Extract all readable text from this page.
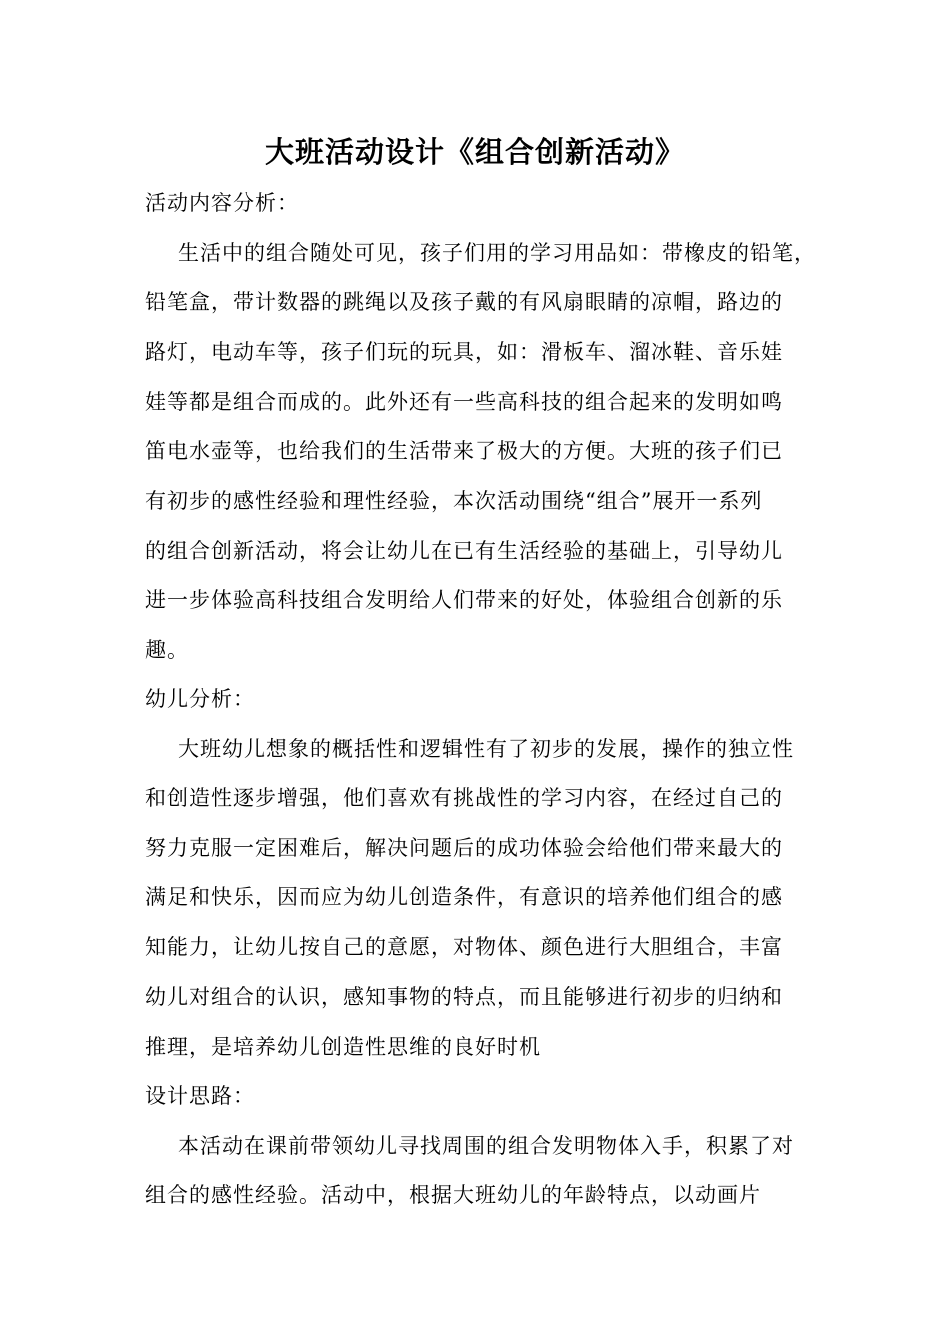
大班活动设计《组合创新活动》
活动内容分析：
生活中的组合随处可见，孩子们用的学习用品如：带橡皮的铅笔，
铅笔盒，带计数器的跳绳以及孩子戴的有风扇眼睛的凉帽，路边的
路灯，电动车等，孩子们玩的玩具，如：滑板车、溜冰鞋、音乐娃
娃等都是组合而成的。此外还有一些高科技的组合起来的发明如鸣
笛电水壶等，也给我们的生活带来了极大的方便。大班的孩子们已
有初步的感性经验和理性经验，本次活动围绕“组合”展开一系列
的组合创新活动，将会让幼儿在已有生活经验的基础上，引导幼儿
进一步体验高科技组合发明给人们带来的好处，体验组合创新的乐
趣。
幼儿分析：
大班幼儿想象的概括性和逻辑性有了初步的发展，操作的独立性
和创造性逐步增强，他们喜欢有挑战性的学习内容，在经过自己的
努力克服一定困难后，解决问题后的成功体验会给他们带来最大的
满足和快乐，因而应为幼儿创造条件，有意识的培养他们组合的感
知能力，让幼儿按自己的意愿，对物体、颜色进行大胆组合，丰富
幼儿对组合的认识，感知事物的特点，而且能够进行初步的归纳和
推理，是培养幼儿创造性思维的良好时机
设计思路：
本活动在课前带领幼儿寻找周围的组合发明物体入手，积累了对
组合的感性经验。活动中，根据大班幼儿的年龄特点，以动画片
